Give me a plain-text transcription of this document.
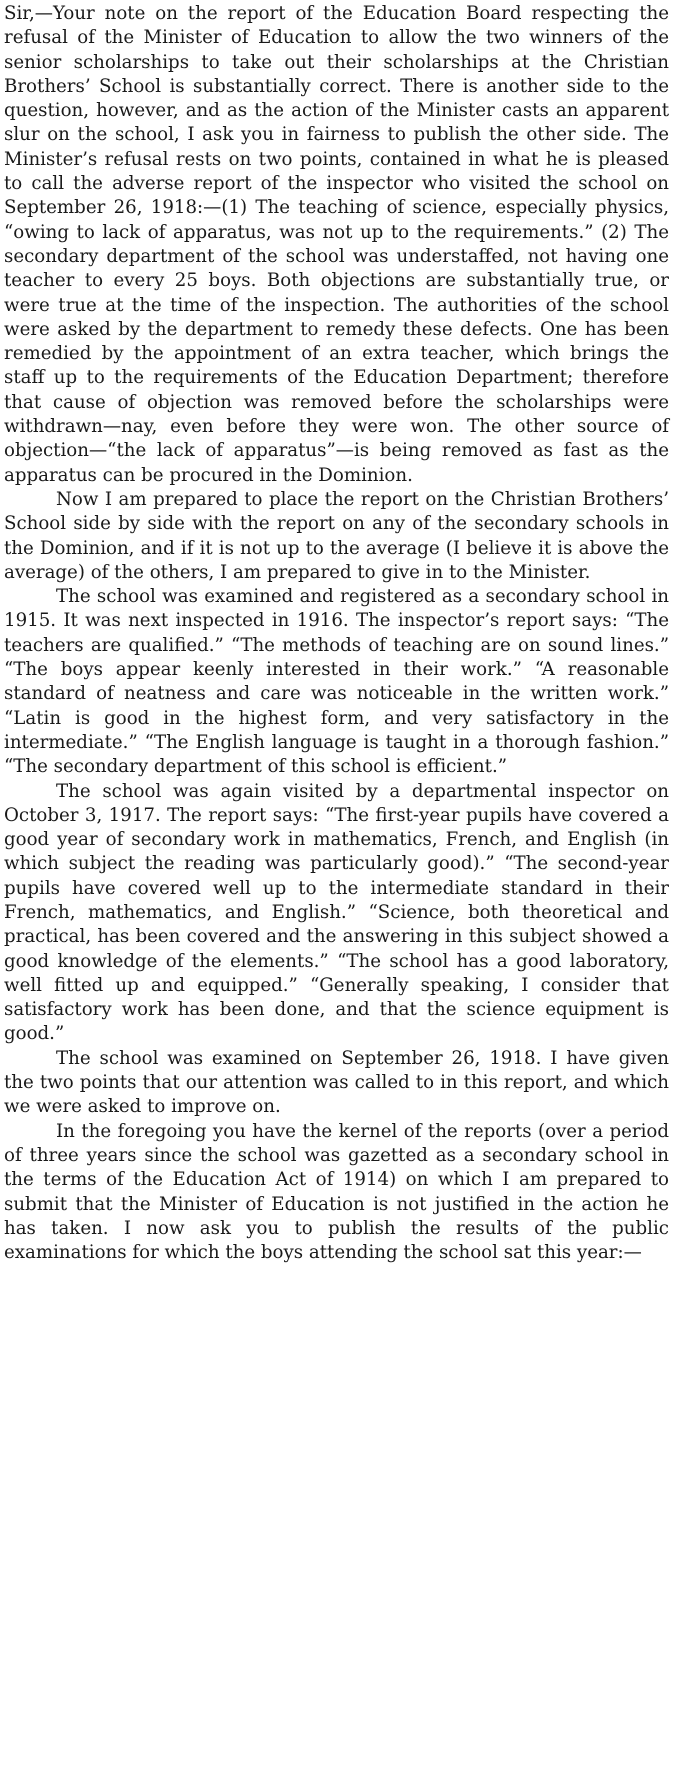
Sir,—Your note on the report of the Education Board respecting the refusal of the Minister of Education to allow the two winners of the senior scholarships to take out their scholarships at the Christian Brothers’ School is substantially correct. There is another side to the question, however, and as the action of the Minister casts an apparent slur on the school, I ask you in fairness to publish the other side. The Minister’s refusal rests on two points, contained in what he is pleased to call the adverse report of the inspector who visited the school on September 26, 1918:—(1) The teaching of science, especially physics, “owing to lack of apparatus, was not up to the requirements.” (2) The secondary department of the school was understaffed, not having one teacher to every 25 boys. Both objections are substantially true, or were true at the time of the inspection. The authorities of the school were asked by the department to remedy these defects. One has been remedied by the appointment of an extra teacher, which brings the staff up to the requirements of the Education Department; therefore that cause of objection was removed before the scholarships were withdrawn—nay, even before they were won. The other source of objection—“the lack of apparatus”—is being removed as fast as the apparatus can be procured in the Dominion.

Now I am prepared to place the report on the Christian Brothers’ School side by side with the report on any of the secondary schools in the Dominion, and if it is not up to the average (I believe it is above the average) of the others, I am prepared to give in to the Minister.

The school was examined and registered as a secondary school in 1915. It was next inspected in 1916. The inspector’s report says: “The teachers are qualified.” “The methods of teaching are on sound lines.” “The boys appear keenly interested in their work.” “A reasonable standard of neatness and care was noticeable in the written work.” “Latin is good in the highest form, and very satisfactory in the intermediate.” “The English language is taught in a thorough fashion.” “The secondary department of this school is efficient.”

The school was again visited by a departmental inspector on October 3, 1917. The report says: “The first-year pupils have covered a good year of secondary work in mathematics, French, and English (in which subject the reading was particularly good).” “The second-year pupils have covered well up to the intermediate standard in their French, mathematics, and English.” “Science, both theoretical and practical, has been covered and the answering in this subject showed a good knowledge of the elements.” “The school has a good laboratory, well fitted up and equipped.” “Generally speaking, I consider that satisfactory work has been done, and that the science equipment is good.”

The school was examined on September 26, 1918. I have given the two points that our attention was called to in this report, and which we were asked to improve on.

In the foregoing you have the kernel of the reports (over a period of three years since the school was gazetted as a secondary school in the terms of the Education Act of 1914) on which I am prepared to submit that the Minister of Education is not justified in the action he has taken. I now ask you to publish the results of the public examinations for which the boys attending the school sat this year:—
